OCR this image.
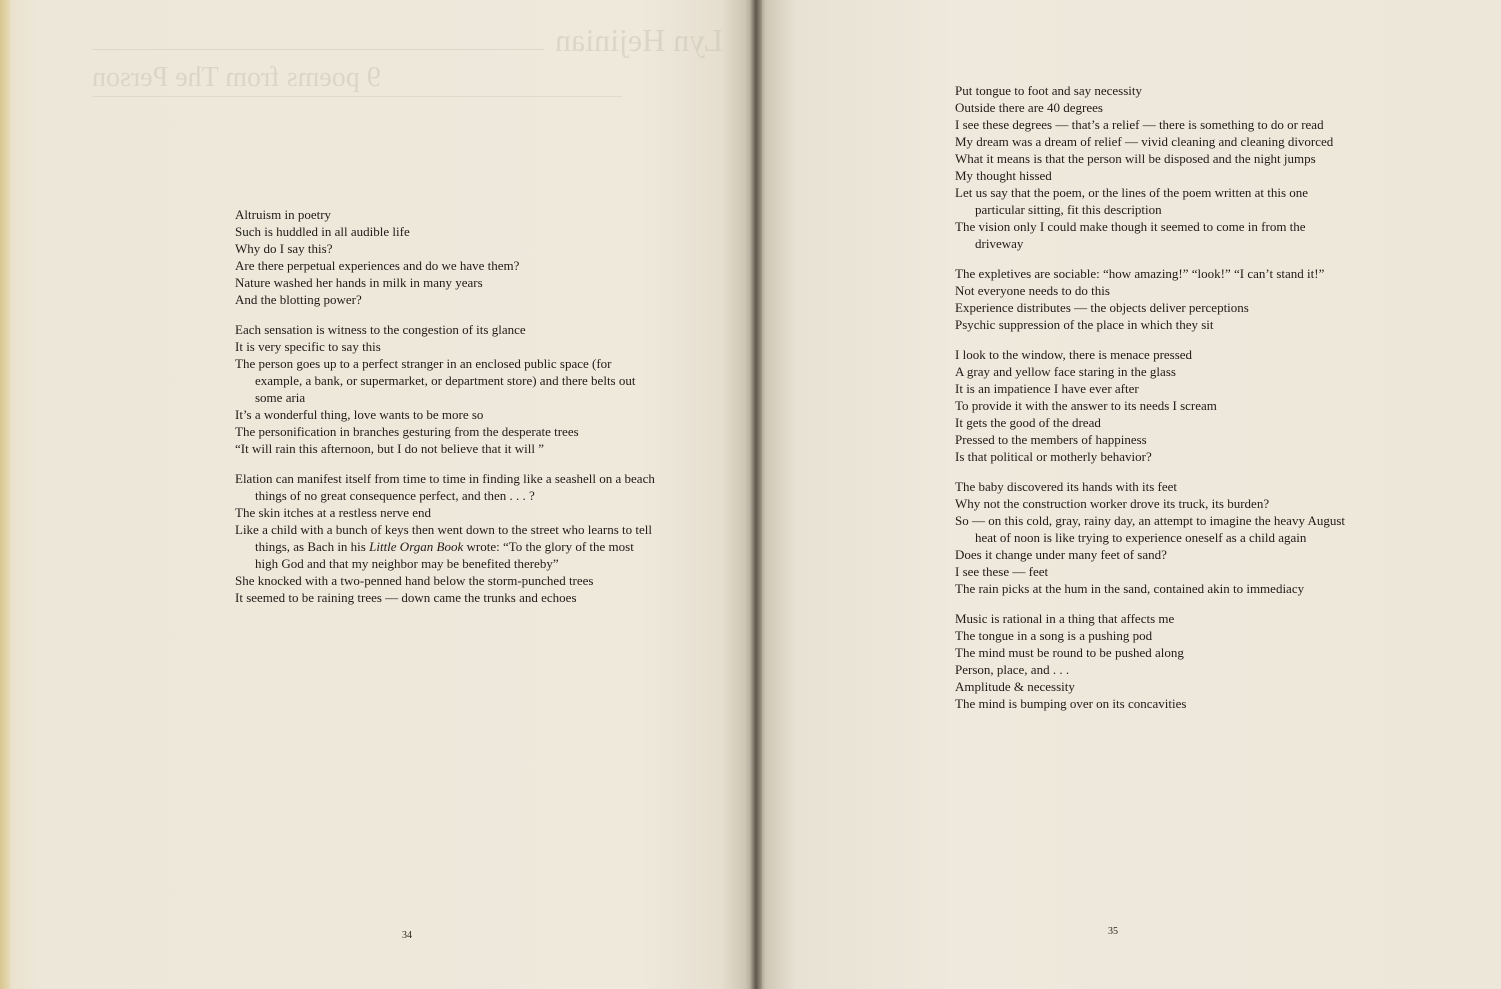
Lyn Hejinian
9 poems from The Person

Altruism in poetry

Such is huddled in all audible life

Why do I say this?

Are there perpetual experiences and do we have them?

Nature washed her hands in milk in many years

And the blotting power?

Each sensation is witness to the congestion of its glance

It is very specific to say this

The person goes up to a perfect stranger in an enclosed public space (for example, a bank, or supermarket, or department store) and there belts out some aria

It’s a wonderful thing, love wants to be more so

The personification in branches gesturing from the desperate trees

“It will rain this afternoon, but I do not believe that it will ”

Elation can manifest itself from time to time in finding like a seashell on a beach things of no great consequence perfect, and then . . . ?

The skin itches at a restless nerve end

Like a child with a bunch of keys then went down to the street who learns to tell things, as Bach in his Little Organ Book wrote: “To the glory of the most high God and that my neighbor may be benefited thereby”

She knocked with a two-penned hand below the storm-punched trees

It seemed to be raining trees — down came the trunks and echoes

Put tongue to foot and say necessity

Outside there are 40 degrees

I see these degrees — that’s a relief — there is something to do or read

My dream was a dream of relief — vivid cleaning and cleaning divorced

What it means is that the person will be disposed and the night jumps

My thought hissed

Let us say that the poem, or the lines of the poem written at this one particular sitting, fit this description

The vision only I could make though it seemed to come in from the driveway

The expletives are sociable: “how amazing!” “look!” “I can’t stand it!”

Not everyone needs to do this

Experience distributes — the objects deliver perceptions

Psychic suppression of the place in which they sit

I look to the window, there is menace pressed

A gray and yellow face staring in the glass

It is an impatience I have ever after

To provide it with the answer to its needs I scream

It gets the good of the dread

Pressed to the members of happiness

Is that political or motherly behavior?

The baby discovered its hands with its feet

Why not the construction worker drove its truck, its burden?

So — on this cold, gray, rainy day, an attempt to imagine the heavy August heat of noon is like trying to experience oneself as a child again

Does it change under many feet of sand?

I see these — feet

The rain picks at the hum in the sand, contained akin to immediacy

Music is rational in a thing that affects me

The tongue in a song is a pushing pod

The mind must be round to be pushed along

Person, place, and . . .

Amplitude & necessity

The mind is bumping over on its concavities

34	35
